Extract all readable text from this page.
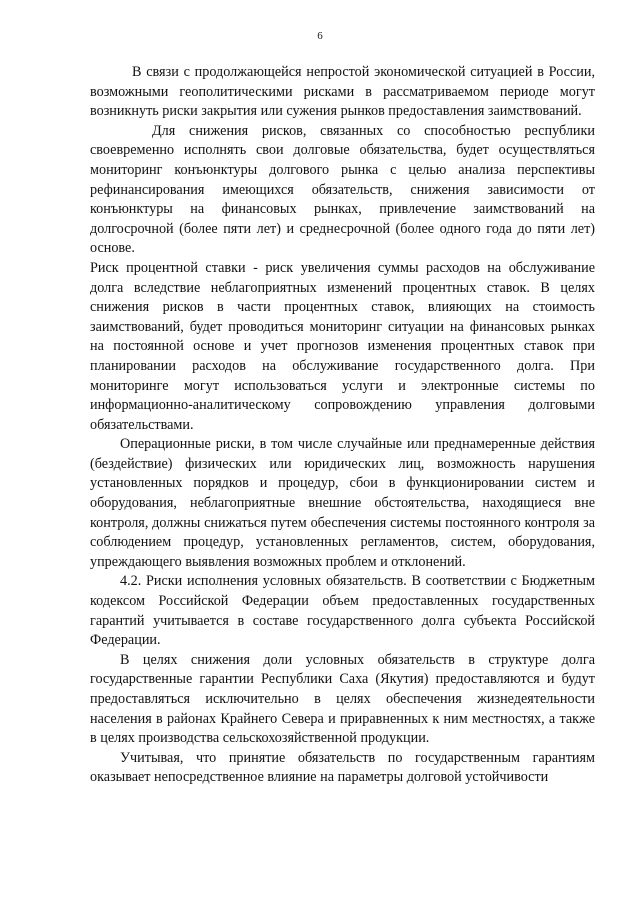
6

В связи с продолжающейся непростой экономической ситуацией в России, возможными геополитическими рисками в рассматриваемом периоде могут возникнуть риски закрытия или сужения рынков предоставления заимствований.

Для снижения рисков, связанных со способностью республики своевременно исполнять свои долговые обязательства, будет осуществляться мониторинг конъюнктуры долгового рынка с целью анализа перспективы рефинансирования имеющихся обязательств, снижения зависимости от конъюнктуры на финансовых рынках, привлечение заимствований на долгосрочной (более пяти лет) и среднесрочной (более одного года до пяти лет) основе.

Риск процентной ставки - риск увеличения суммы расходов на обслуживание долга вследствие неблагоприятных изменений процентных ставок. В целях снижения рисков в части процентных ставок, влияющих на стоимость заимствований, будет проводиться мониторинг ситуации на финансовых рынках на постоянной основе и учет прогнозов изменения процентных ставок при планировании расходов на обслуживание государственного долга. При мониторинге могут использоваться услуги и электронные системы по информационно-аналитическому сопровождению управления долговыми обязательствами.

Операционные риски, в том числе случайные или преднамеренные действия (бездействие) физических или юридических лиц, возможность нарушения установленных порядков и процедур, сбои в функционировании систем и оборудования, неблагоприятные внешние обстоятельства, находящиеся вне контроля, должны снижаться путем обеспечения системы постоянного контроля за соблюдением процедур, установленных регламентов, систем, оборудования, упреждающего выявления возможных проблем и отклонений.

4.2. Риски исполнения условных обязательств. В соответствии с Бюджетным кодексом Российской Федерации объем предоставленных государственных гарантий учитывается в составе государственного долга субъекта Российской Федерации.

В целях снижения доли условных обязательств в структуре долга государственные гарантии Республики Саха (Якутия) предоставляются и будут предоставляться исключительно в целях обеспечения жизнедеятельности населения в районах Крайнего Севера и приравненных к ним местностях, а также в целях производства сельскохозяйственной продукции.

Учитывая, что принятие обязательств по государственным гарантиям оказывает непосредственное влияние на параметры долговой устойчивости
